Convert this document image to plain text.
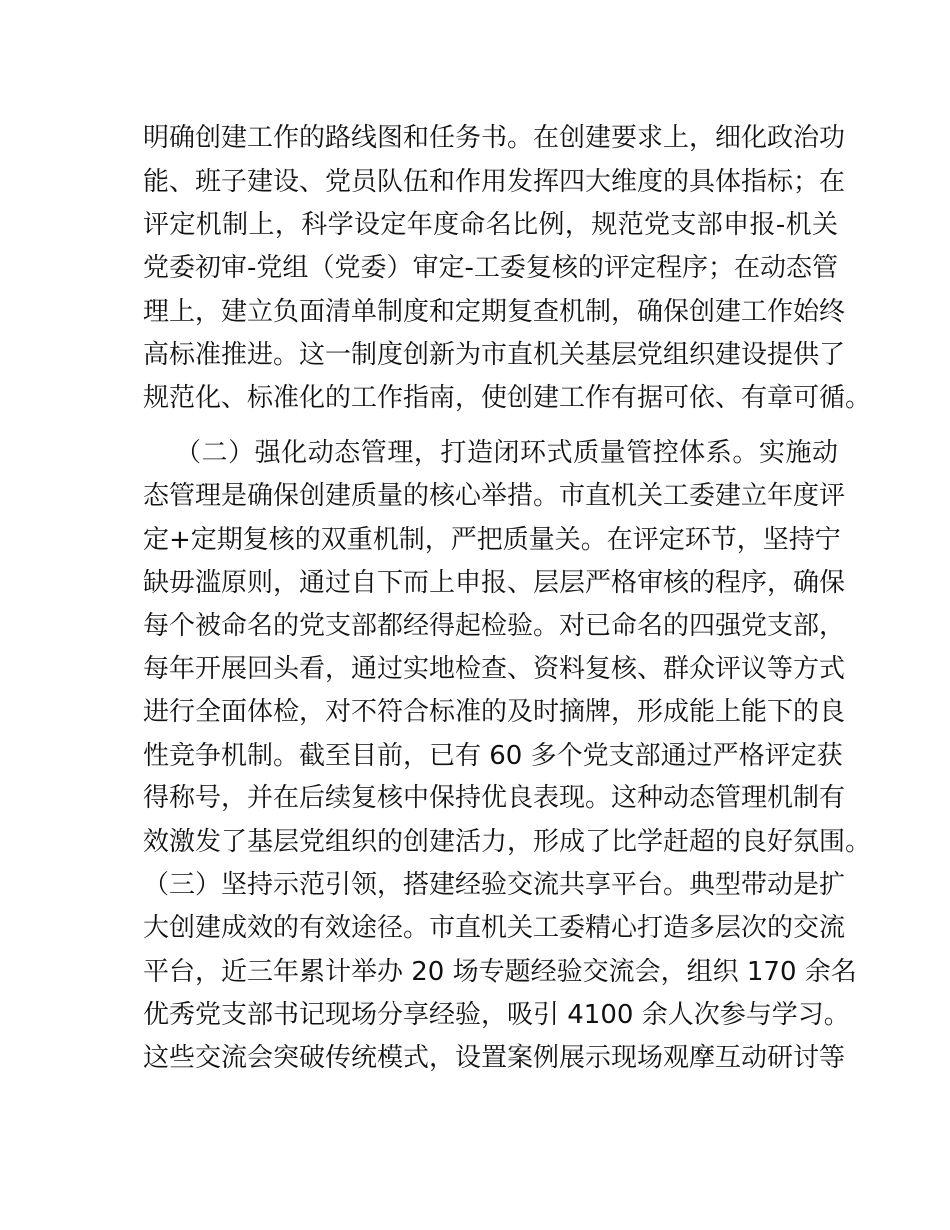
明确创建工作的路线图和任务书。在创建要求上，细化政治功
能、班子建设、党员队伍和作用发挥四大维度的具体指标；在
评定机制上，科学设定年度命名比例，规范党支部申报-机关
党委初审-党组（党委）审定-工委复核的评定程序；在动态管
理上，建立负面清单制度和定期复查机制，确保创建工作始终
高标准推进。这一制度创新为市直机关基层党组织建设提供了
规范化、标准化的工作指南，使创建工作有据可依、有章可循。
（二）强化动态管理，打造闭环式质量管控体系。实施动
态管理是确保创建质量的核心举措。市直机关工委建立年度评
定+定期复核的双重机制，严把质量关。在评定环节，坚持宁
缺毋滥原则，通过自下而上申报、层层严格审核的程序，确保
每个被命名的党支部都经得起检验。对已命名的四强党支部，
每年开展回头看，通过实地检查、资料复核、群众评议等方式
进行全面体检，对不符合标准的及时摘牌，形成能上能下的良
性竞争机制。截至目前，已有 60 多个党支部通过严格评定获
得称号，并在后续复核中保持优良表现。这种动态管理机制有
效激发了基层党组织的创建活力，形成了比学赶超的良好氛围。
（三）坚持示范引领，搭建经验交流共享平台。典型带动是扩
大创建成效的有效途径。市直机关工委精心打造多层次的交流
平台，近三年累计举办 20 场专题经验交流会，组织 170 余名
优秀党支部书记现场分享经验，吸引 4100 余人次参与学习。
这些交流会突破传统模式，设置案例展示现场观摩互动研讨等
